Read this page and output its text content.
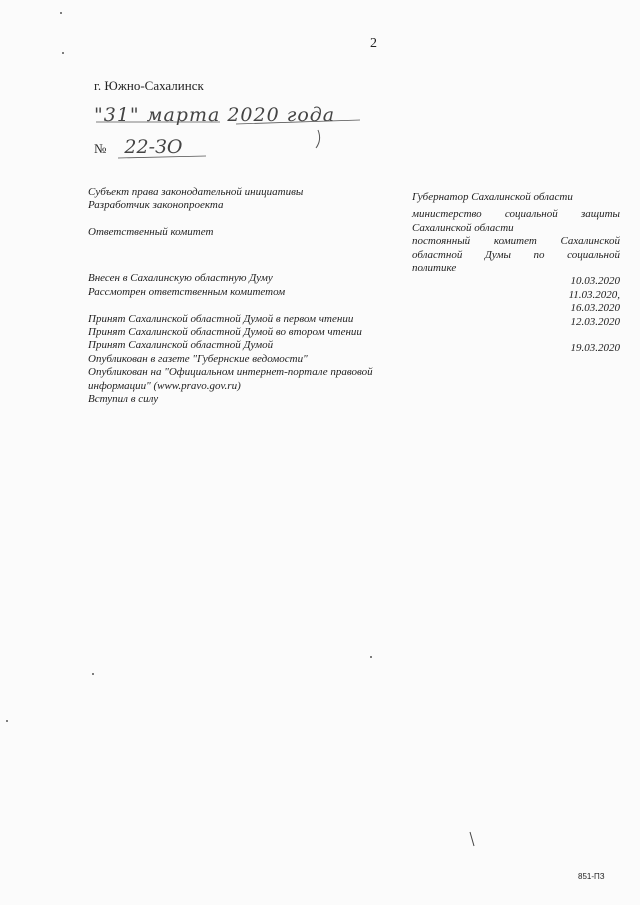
2
г. Южно-Сахалинск
"31" марта 2020 года
№ 22-ЗО
Субъект права законодательной инициативы
Разработчик законопроекта
Ответственный комитет
Внесен в Сахалинскую областную Думу
Рассмотрен ответственным комитетом
Принят Сахалинской областной Думой в первом чтении
Принят Сахалинской областной Думой во втором чтении
Принят Сахалинской областной Думой
Опубликован в газете "Губернские ведомости"
Опубликован на "Официальном интернет-портале правовой
информации" (www.pravo.gov.ru)
Вступил в силу
Губернатор Сахалинской области
министерство социальной защиты
Сахалинской области
постоянный комитет Сахалинской
областной Думы по социальной
политике
10.03.2020
11.03.2020,
16.03.2020
12.03.2020
19.03.2020
851-ПЗ
